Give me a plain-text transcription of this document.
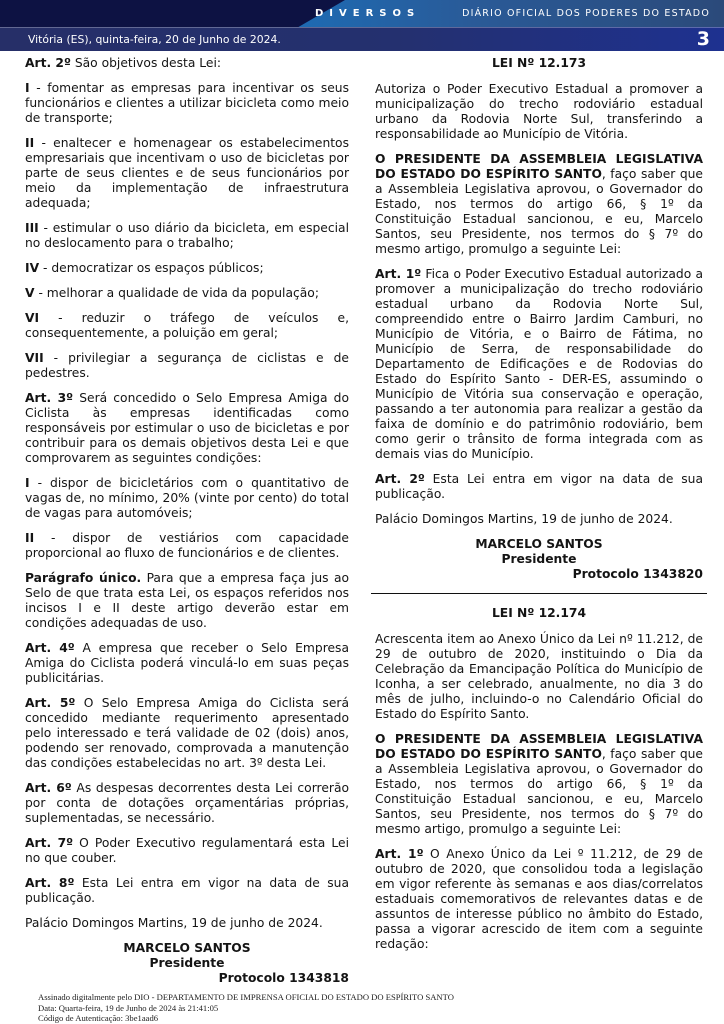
DIVERSOS	DIÁRIO OFICIAL DOS PODERES DO ESTADO
Vitória (ES), quinta-feira, 20 de Junho de 2024.	3

Art. 2º São objetivos desta Lei:

I - fomentar as empresas para incentivar os seus funcionários e clientes a utilizar bicicleta como meio de transporte;

II - enaltecer e homenagear os estabelecimentos empresariais que incentivam o uso de bicicletas por parte de seus clientes e de seus funcionários por meio da implementação de infraestrutura adequada;

III - estimular o uso diário da bicicleta, em especial no deslocamento para o trabalho;

IV - democratizar os espaços públicos;

V - melhorar a qualidade de vida da população;

VI - reduzir o tráfego de veículos e, consequentemente, a poluição em geral;

VII - privilegiar a segurança de ciclistas e de pedestres.

Art. 3º Será concedido o Selo Empresa Amiga do Ciclista às empresas identificadas como responsáveis por estimular o uso de bicicletas e por contribuir para os demais objetivos desta Lei e que comprovarem as seguintes condições:

I - dispor de bicicletários com o quantitativo de vagas de, no mínimo, 20% (vinte por cento) do total de vagas para automóveis;

II - dispor de vestiários com capacidade proporcional ao fluxo de funcionários e de clientes.

Parágrafo único. Para que a empresa faça jus ao Selo de que trata esta Lei, os espaços referidos nos incisos I e II deste artigo deverão estar em condições adequadas de uso.

Art. 4º A empresa que receber o Selo Empresa Amiga do Ciclista poderá vinculá-lo em suas peças publicitárias.

Art. 5º O Selo Empresa Amiga do Ciclista será concedido mediante requerimento apresentado pelo interessado e terá validade de 02 (dois) anos, podendo ser renovado, comprovada a manutenção das condições estabelecidas no art. 3º desta Lei.

Art. 6º As despesas decorrentes desta Lei correrão por conta de dotações orçamentárias próprias, suplementadas, se necessário.

Art. 7º O Poder Executivo regulamentará esta Lei no que couber.

Art. 8º Esta Lei entra em vigor na data de sua publicação.

Palácio Domingos Martins, 19 de junho de 2024.

MARCELO SANTOS

Presidente

Protocolo 1343818

LEI Nº 12.173

Autoriza o Poder Executivo Estadual a promover a municipalização do trecho rodoviário estadual urbano da Rodovia Norte Sul, transferindo a responsabilidade ao Município de Vitória.

O PRESIDENTE DA ASSEMBLEIA LEGISLATIVA DO ESTADO DO ESPÍRITO SANTO, faço saber que a Assembleia Legislativa aprovou, o Governador do Estado, nos termos do artigo 66, § 1º da Constituição Estadual sancionou, e eu, Marcelo Santos, seu Presidente, nos termos do § 7º do mesmo artigo, promulgo a seguinte Lei:

Art. 1º Fica o Poder Executivo Estadual autorizado a promover a municipalização do trecho rodoviário estadual urbano da Rodovia Norte Sul, compreendido entre o Bairro Jardim Camburi, no Município de Vitória, e o Bairro de Fátima, no Município de Serra, de responsabilidade do Departamento de Edificações e de Rodovias do Estado do Espírito Santo - DER-ES, assumindo o Município de Vitória sua conservação e operação, passando a ter autonomia para realizar a gestão da faixa de domínio e do patrimônio rodoviário, bem como gerir o trânsito de forma integrada com as demais vias do Município.

Art. 2º Esta Lei entra em vigor na data de sua publicação.

Palácio Domingos Martins, 19 de junho de 2024.

MARCELO SANTOS

Presidente

Protocolo 1343820

LEI Nº 12.174

Acrescenta item ao Anexo Único da Lei nº 11.212, de 29 de outubro de 2020, instituindo o Dia da Celebração da Emancipação Política do Município de Iconha, a ser celebrado, anualmente, no dia 3 do mês de julho, incluindo-o no Calendário Oficial do Estado do Espírito Santo.

O PRESIDENTE DA ASSEMBLEIA LEGISLATIVA DO ESTADO DO ESPÍRITO SANTO, faço saber que a Assembleia Legislativa aprovou, o Governador do Estado, nos termos do artigo 66, § 1º da Constituição Estadual sancionou, e eu, Marcelo Santos, seu Presidente, nos termos do § 7º do mesmo artigo, promulgo a seguinte Lei:

Art. 1º O Anexo Único da Lei º 11.212, de 29 de outubro de 2020, que consolidou toda a legislação em vigor referente às semanas e aos dias/correlatos estaduais comemorativos de relevantes datas e de assuntos de interesse público no âmbito do Estado, passa a vigorar acrescido de item com a seguinte redação:

Assinado digitalmente pelo DIO - DEPARTAMENTO DE IMPRENSA OFICIAL DO ESTADO DO ESPÍRITO SANTO
Data: Quarta-feira, 19 de Junho de 2024 às 21:41:05
Código de Autenticação: 3be1aad6
